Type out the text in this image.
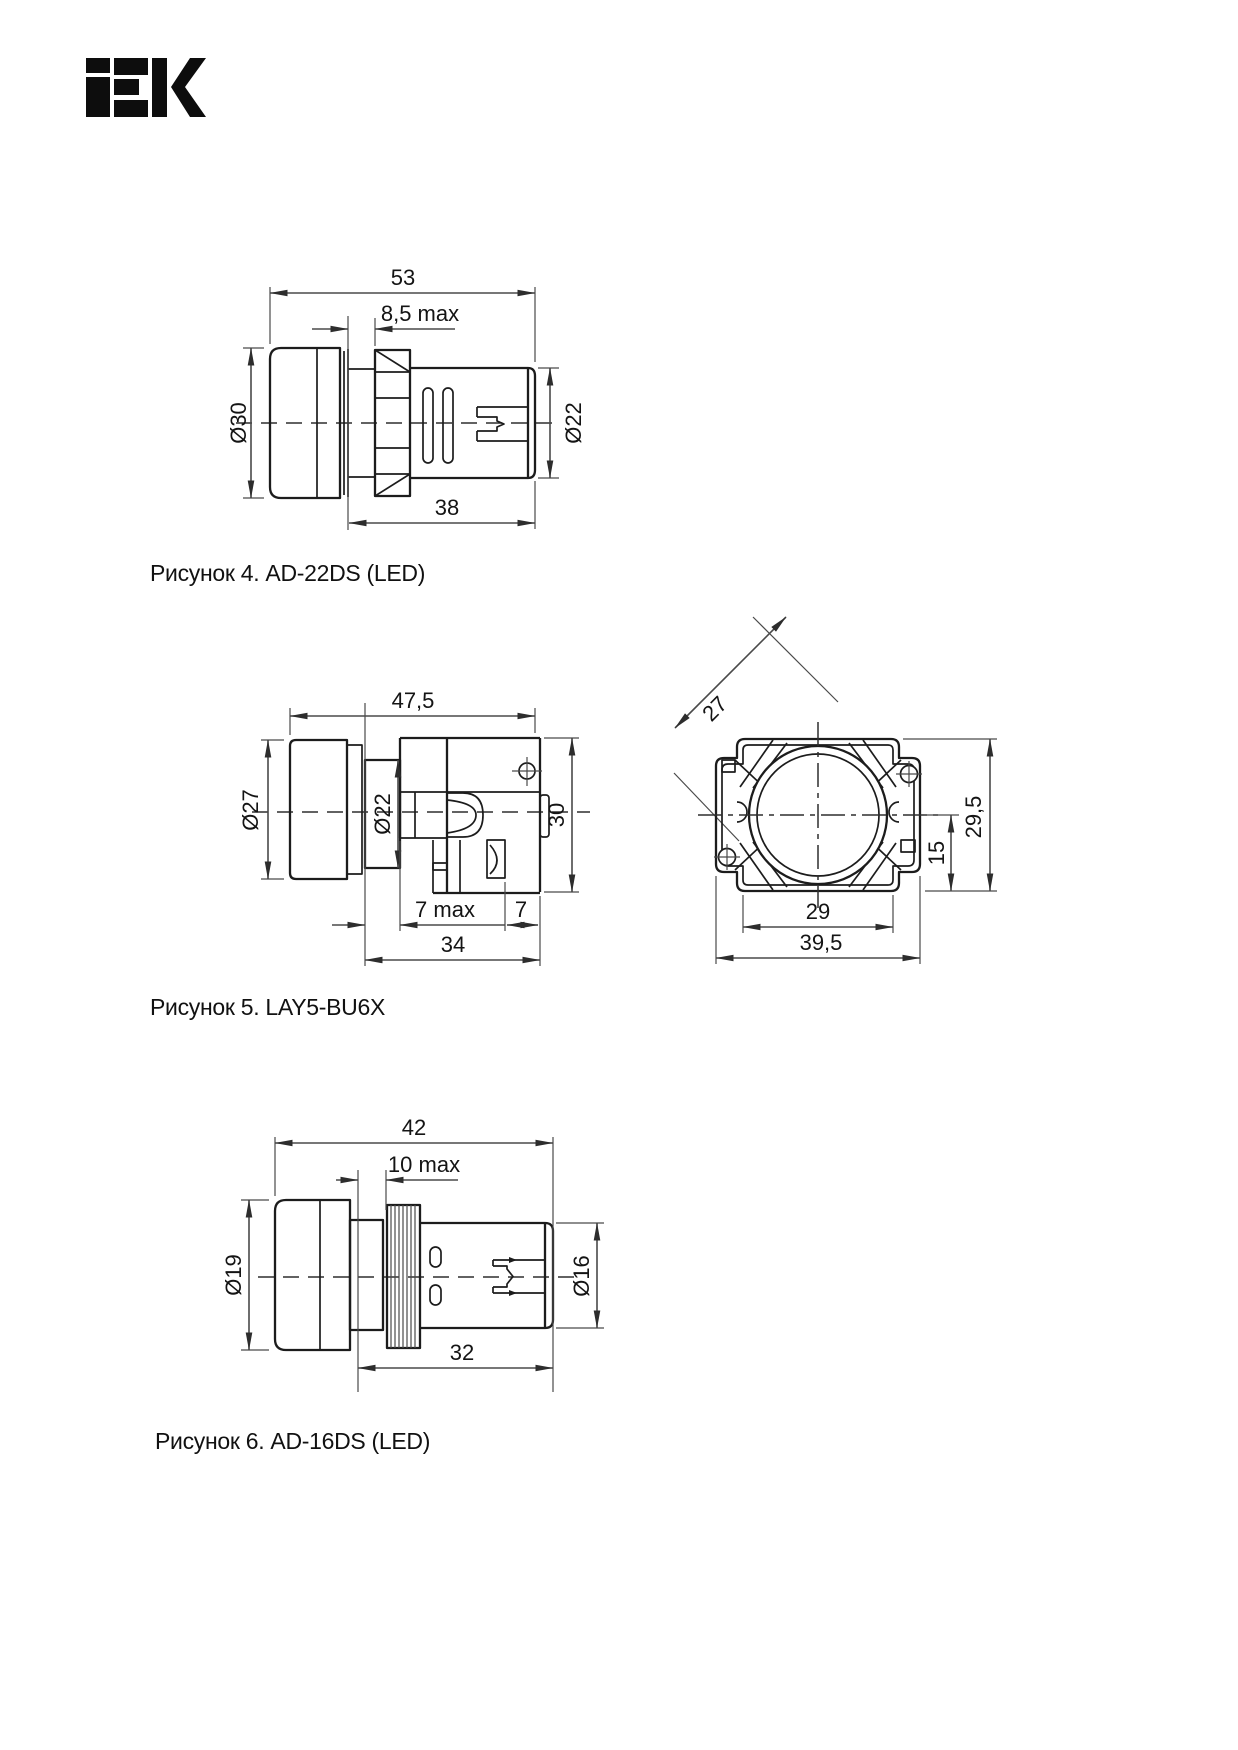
53
8,5 max
Ø30	Ø22
38
47,5
Ø27	Ø22	30
7 max 7
34
27
15
29,5
29
39,5
42
10 max
Ø19	Ø16
32
Рисунок 4. AD-22DS (LED)
Рисунок 5. LAY5-BU6X
Рисунок 6. AD-16DS (LED)
